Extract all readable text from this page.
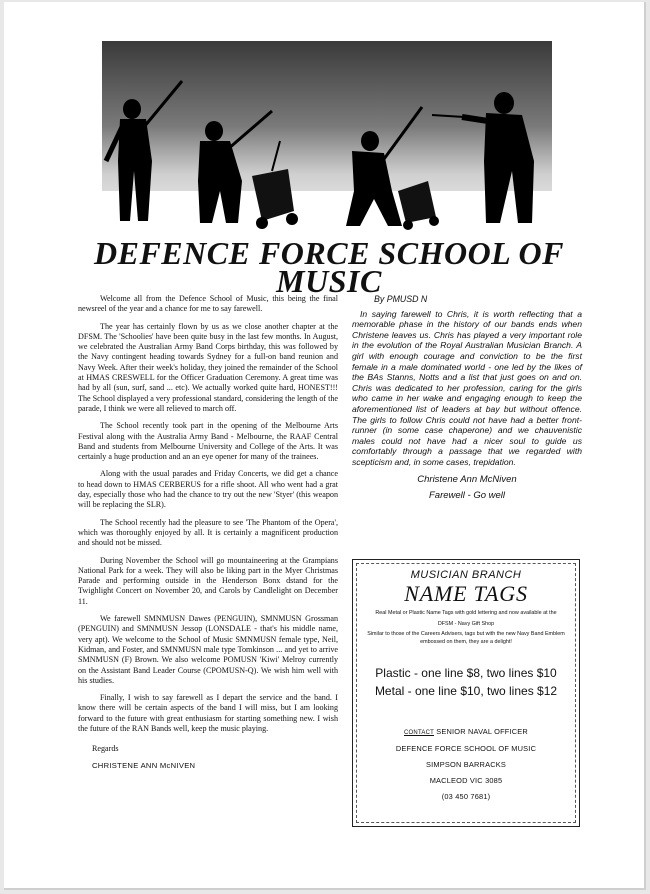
DEFENCE FORCE SCHOOL OF
MUSIC

Welcome all from the Defence School of Music, this being the final newsreel of the year and a chance for me to say farewell.

The year has certainly flown by us as we close another chapter at the DFSM. The 'Schoolies' have been quite busy in the last few months. In August, we celebrated the Australian Army Band Corps birthday, this was followed by the Navy contingent heading towards Sydney for a full-on band reunion and Navy Week. After their week's holiday, they joined the remainder of the School at HMAS CRESWELL for the Officer Graduation Ceremony. A great time was had by all (sun, surf, sand ... etc). We actually worked quite hard, HONEST!!! The School displayed a very professional standard, considering the length of the parade, I think we were all relieved to march off.

The School recently took part in the opening of the Melbourne Arts Festival along with the Australia Army Band - Melbourne, the RAAF Central Band and students from Melbourne University and College of the Arts. It was certainly a huge production and an an eye opener for many of the trainees.

Along with the usual parades and Friday Concerts, we did get a chance to head down to HMAS CERBERUS for a rifle shoot. All who went had a grat day, especially those who had the chance to try out the new 'Styer' (this weapon will be replacing the SLR).

The School recently had the pleasure to see 'The Phantom of the Opera', which was thoroughly enjoyed by all. It is certainly a magnificent production and should not be missed.

During November the School will go mountaineering at the Grampians National Park for a week. They will also be liking part in the Myer Christmas Parade and performing outside in the Henderson Bonx dstand for the Twighlight Concert on November 20, and Carols by Candlelight on December 11.

We farewell SMNMUSN Dawes (PENGUIN), SMNMUSN Grossman (PENGUIN) and SMNMUSN Jessop (LONSDALE - that's his middle name, very apt). We welcome to the School of Music SMNMUSN female type, Neil, Kidman, and Foster, and SMNMUSN male type Tomkinson ... and yet to arrive SMNMUSN (F) Brown. We also welcome POMUSN 'Kiwi' Melroy currently on the Assistant Band Leader Course (CPOMUSN-Q). We wish him well with his studies.

Finally, I wish to say farewell as I depart the service and the band. I know there will be certain aspects of the band I will miss, but I am looking forward to the future with great enthusiasm for starting something new. I wish the future of the RAN Bands well, keep the music playing.

Regards

CHRISTENE ANN McNIVEN

By PMUSD N

In saying farewell to Chris, it is worth reflecting that a memorable phase in the history of our bands ends when Christene leaves us. Chris has played a very important role in the evolution of the Royal Australian Musician Branch. A girl with enough courage and conviction to be the first female in a male dominated world - one led by the likes of the BAs Stanns, Notts and a list that just goes on and on. Chris was dedicated to her profession, caring for the girls who came in her wake and engaging enough to keep the aforementioned list of leaders at bay but without offence. The girls to follow Chris could not have had a better front-runner (in some case chaperone) and we chauvenistic males could not have had a nicer soul to guide us comfortably through a passage that we regarded with scepticism and, in some cases, trepidation.

Christene Ann McNiven
Farewell - Go well

MUSICIAN BRANCH
NAME TAGS
Real Metal or Plastic Name Tags with gold lettering and now available at the
DFSM - Navy Gift Shop
Similar to those of the Careers Advisers, tags but with the new Navy Band Emblem embossed on them, they are a delight!
Plastic - one line $8, two lines $10
Metal - one line $10, two lines $12
CONTACT SENIOR NAVAL OFFICER
DEFENCE FORCE SCHOOL OF MUSIC
SIMPSON BARRACKS
MACLEOD VIC 3085
(03 450 7681)
